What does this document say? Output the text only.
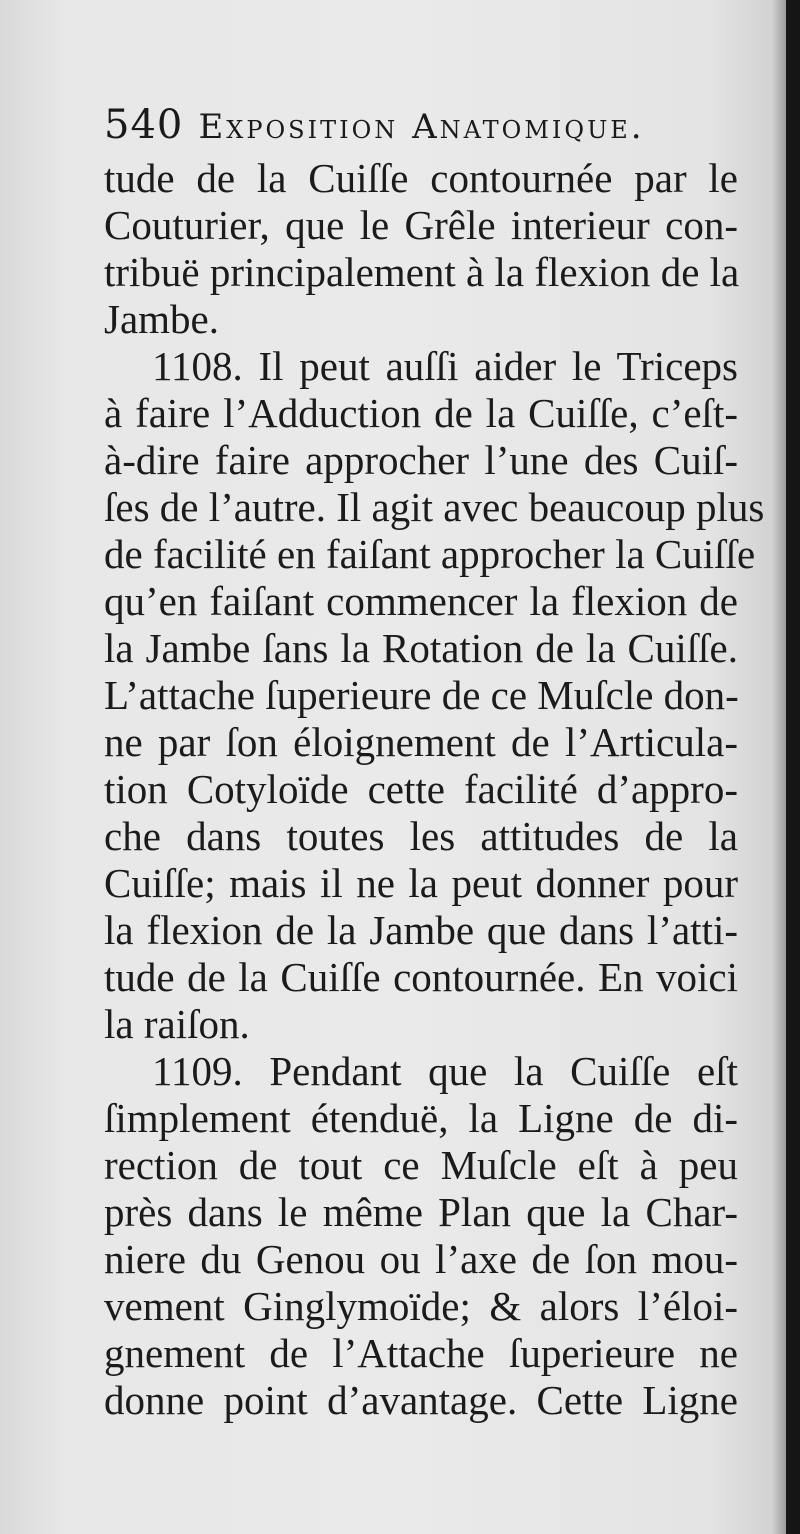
540 Exposition Anatomique.
tude de la Cuiſſe contournée par le
Couturier, que le Grêle interieur con-
tribuë principalement à la flexion de la
Jambe.
1108. Il peut auſſi aider le Triceps
à faire l’Adduction de la Cuiſſe, c’eſt-
à-dire faire approcher l’une des Cuiſ-
ſes de l’autre. Il agit avec beaucoup plus
de facilité en faiſant approcher la Cuiſſe
qu’en faiſant commencer la flexion de
la Jambe ſans la Rotation de la Cuiſſe.
L’attache ſuperieure de ce Muſcle don-
ne par ſon éloignement de l’Articula-
tion Cotyloïde cette facilité d’appro-
che dans toutes les attitudes de la
Cuiſſe; mais il ne la peut donner pour
la flexion de la Jambe que dans l’atti-
tude de la Cuiſſe contournée. En voici
la raiſon.
1109. Pendant que la Cuiſſe eſt
ſimplement étenduë, la Ligne de di-
rection de tout ce Muſcle eſt à peu
près dans le même Plan que la Char-
niere du Genou ou l’axe de ſon mou-
vement Ginglymoïde; & alors l’éloi-
gnement de l’Attache ſuperieure ne
donne point d’avantage. Cette Ligne
